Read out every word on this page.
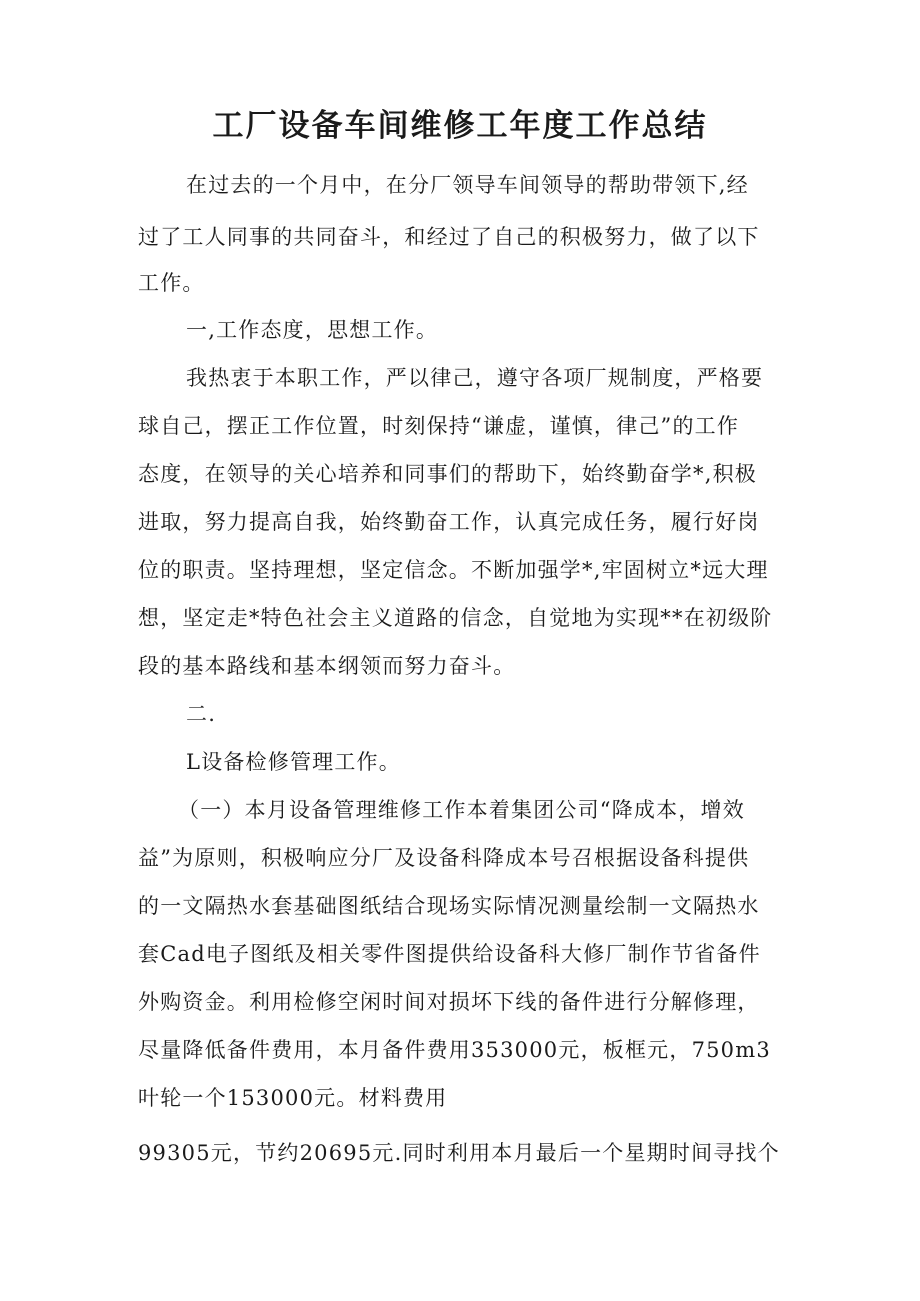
工厂设备车间维修工年度工作总结

在过去的一个月中，在分厂领导车间领导的帮助带领下,经

过了工人同事的共同奋斗，和经过了自己的积极努力，做了以下

工作。

一,工作态度，思想工作。

我热衷于本职工作，严以律己，遵守各项厂规制度，严格要

球自己，摆正工作位置，时刻保持“谦虚，谨慎，律己”的工作

态度，在领导的关心培养和同事们的帮助下，始终勤奋学*,积极

进取，努力提高自我，始终勤奋工作，认真完成任务，履行好岗

位的职责。坚持理想，坚定信念。不断加强学*,牢固树立*远大理

想，坚定走*特色社会主义道路的信念，自觉地为实现**在初级阶

段的基本路线和基本纲领而努力奋斗。

二.

L设备检修管理工作。

（一）本月设备管理维修工作本着集团公司“降成本，增效

益”为原则，积极响应分厂及设备科降成本号召根据设备科提供

的一文隔热水套基础图纸结合现场实际情况测量绘制一文隔热水

套Cad电子图纸及相关零件图提供给设备科大修厂制作节省备件

外购资金。利用检修空闲时间对损坏下线的备件进行分解修理，

尽量降低备件费用，本月备件费用353000元，板框元，750m3

叶轮一个153000元。材料费用

99305元，节约20695元.同时利用本月最后一个星期时间寻找个
